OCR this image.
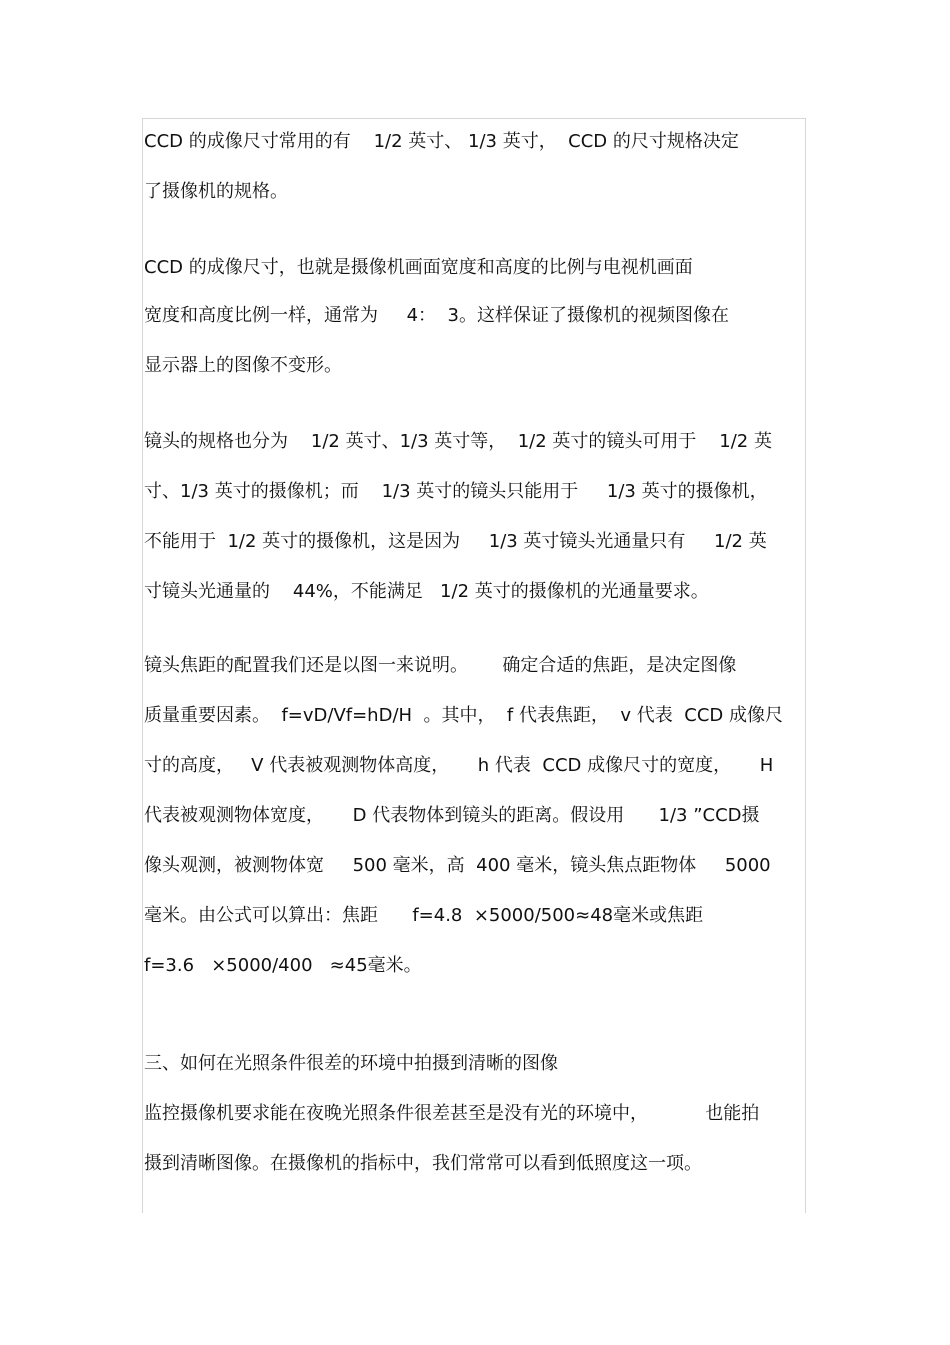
CCD 的成像尺寸常用的有    1/2 英寸、 1/3 英寸，  CCD 的尺寸规格决定
了摄像机的规格。
CCD 的成像尺寸，也就是摄像机画面宽度和高度的比例与电视机画面
宽度和高度比例一样，通常为     4：  3。这样保证了摄像机的视频图像在
显示器上的图像不变形。
镜头的规格也分为    1/2 英寸、1/3 英寸等，  1/2 英寸的镜头可用于    1/2 英
寸、1/3 英寸的摄像机；而    1/3 英寸的镜头只能用于     1/3 英寸的摄像机，
不能用于  1/2 英寸的摄像机，这是因为     1/3 英寸镜头光通量只有     1/2 英
寸镜头光通量的    44%，不能满足   1/2 英寸的摄像机的光通量要求。
镜头焦距的配置我们还是以图一来说明。      确定合适的焦距，是决定图像
质量重要因素。  f=vD/Vf=hD/H  。其中，  f 代表焦距，  v 代表  CCD 成像尺
寸的高度，   V 代表被观测物体高度，     h 代表  CCD 成像尺寸的宽度，     H
代表被观测物体宽度，     D 代表物体到镜头的距离。假设用      1/3 ”CCD摄
像头观测，被测物体宽     500 毫米，高  400 毫米，镜头焦点距物体     5000
毫米。由公式可以算出：焦距      f=4.8  ×5000/500≈48毫米或焦距
f=3.6   ×5000/400   ≈45毫米。
三、如何在光照条件很差的环境中拍摄到清晰的图像
监控摄像机要求能在夜晚光照条件很差甚至是没有光的环境中，          也能拍
摄到清晰图像。在摄像机的指标中，我们常常可以看到低照度这一项。
